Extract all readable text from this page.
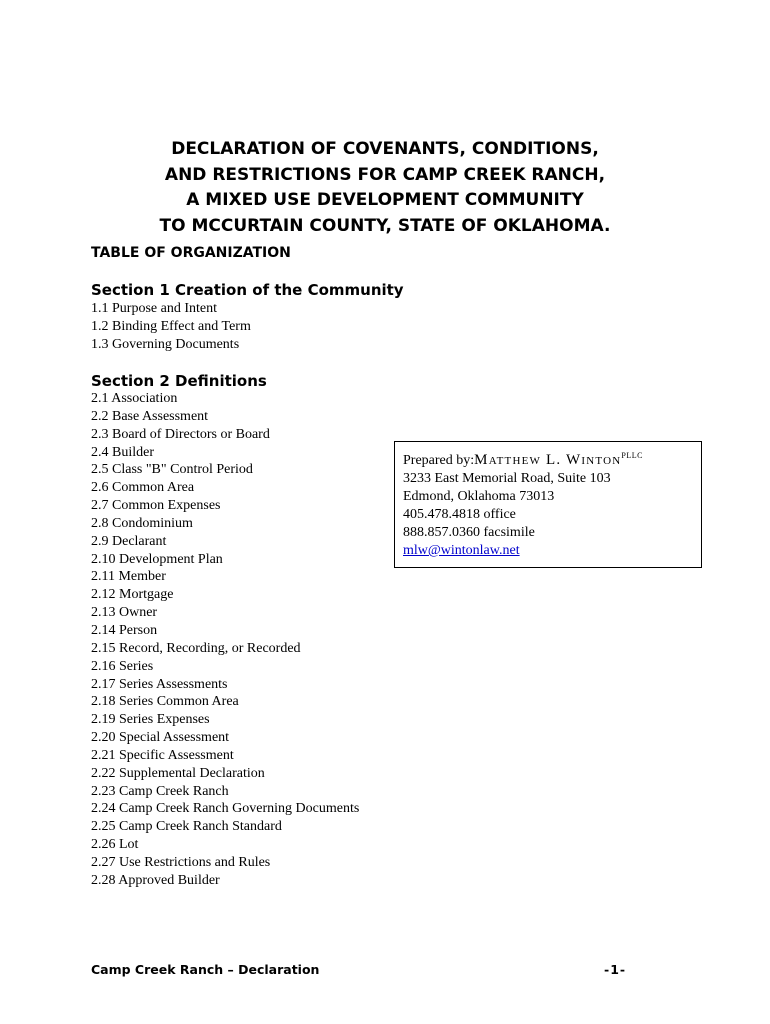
DECLARATION OF COVENANTS, CONDITIONS,
AND RESTRICTIONS FOR CAMP CREEK RANCH,
A MIXED USE DEVELOPMENT COMMUNITY
TO MCCURTAIN COUNTY, STATE OF OKLAHOMA.
TABLE OF ORGANIZATION
Section 1 Creation of the Community
1.1 Purpose and Intent
1.2 Binding Effect and Term
1.3 Governing Documents
Section 2 Definitions
2.1 Association
2.2 Base Assessment
2.3 Board of Directors or Board
2.4 Builder
2.5 Class "B" Control Period
2.6 Common Area
2.7 Common Expenses
2.8 Condominium
2.9 Declarant
2.10 Development Plan
2.11 Member
2.12 Mortgage
2.13 Owner
2.14 Person
2.15 Record, Recording, or Recorded
2.16 Series
2.17 Series Assessments
2.18 Series Common Area
2.19 Series Expenses
2.20 Special Assessment
2.21 Specific Assessment
2.22 Supplemental Declaration
2.23 Camp Creek Ranch
2.24 Camp Creek Ranch Governing Documents
2.25 Camp Creek Ranch Standard
2.26 Lot
2.27 Use Restrictions and Rules
2.28 Approved Builder
Prepared by:Matthew L. Winton$^{PLLC}$
3233 East Memorial Road, Suite 103
Edmond, Oklahoma 73013
405.478.4818 office
888.857.0360 facsimile
mlw@wintonlaw.net
Camp Creek Ranch – Declaration	-1-
